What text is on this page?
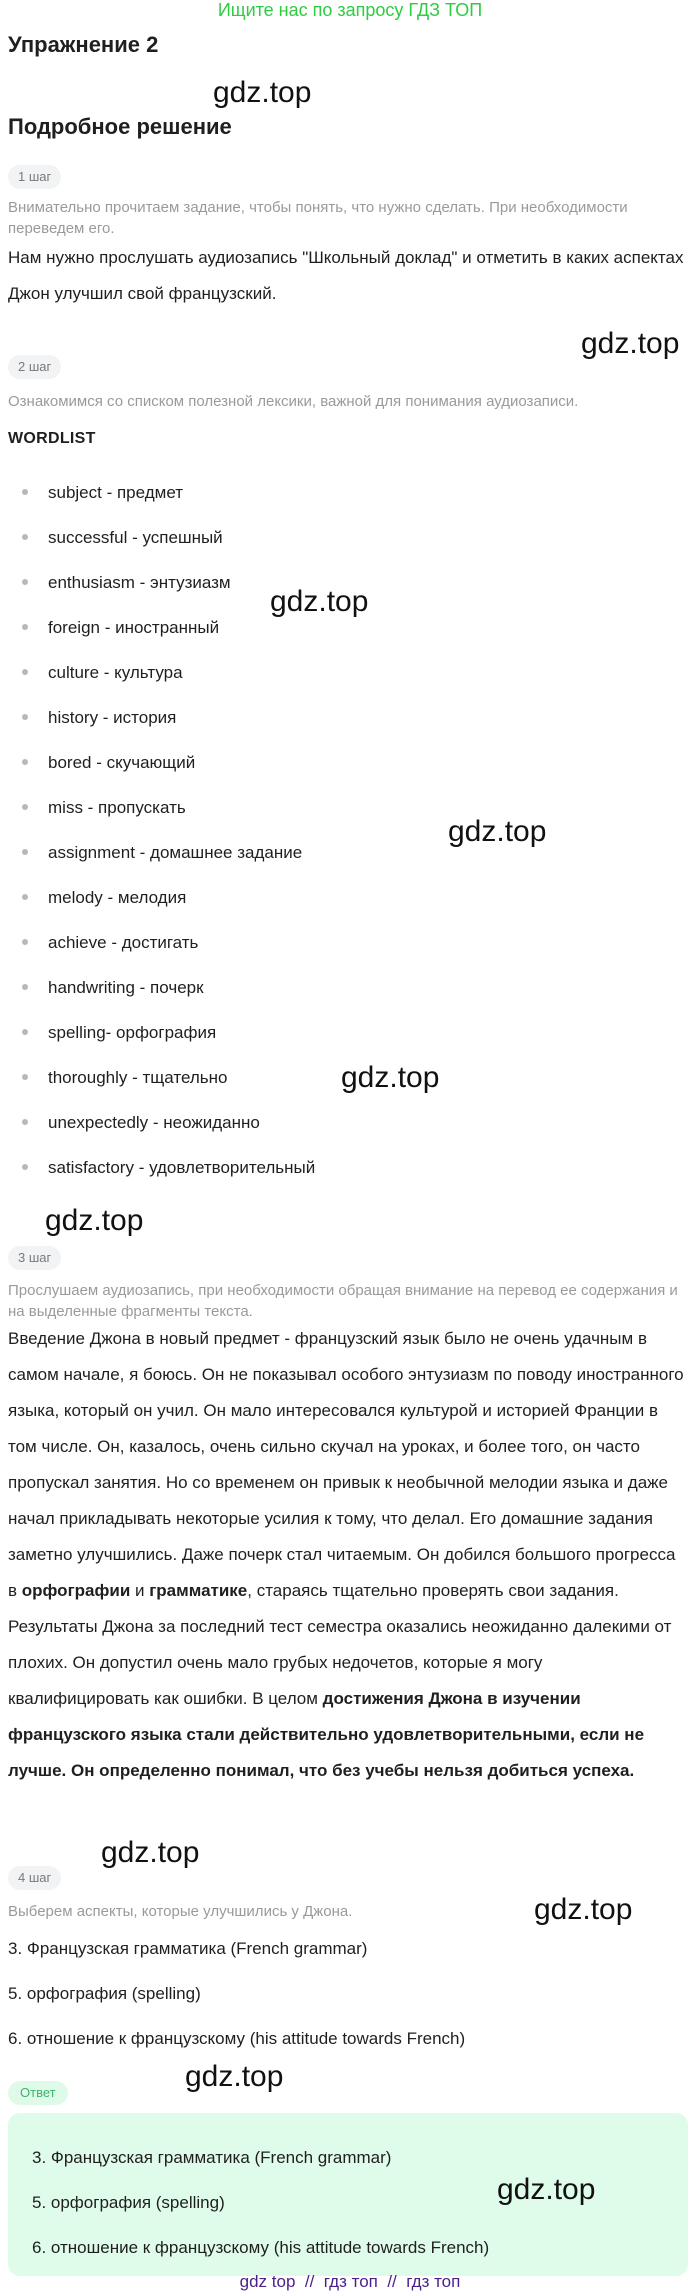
Ищите нас по запросу ГДЗ ТОП
Упражнение 2
Подробное решение
1 шаг
Внимательно прочитаем задание, чтобы понять, что нужно сделать. При необходимости переведем его.
Нам нужно прослушать аудиозапись "Школьный доклад" и отметить в каких аспектах Джон улучшил свой французский.
2 шаг
Ознакомимся со списком полезной лексики, важной для понимания аудиозаписи.
WORDLIST
subject - предмет
successful - успешный
enthusiasm - энтузиазм
foreign - иностранный
culture - культура
history - история
bored - скучающий
miss - пропускать
assignment - домашнее задание
melody - мелодия
achieve - достигать
handwriting - почерк
spelling- орфография
thoroughly - тщательно
unexpectedly - неожиданно
satisfactory - удовлетворительный
3 шаг
Прослушаем аудиозапись, при необходимости обращая внимание на перевод ее содержания и на выделенные фрагменты текста.
Введение Джона в новый предмет - французский язык было не очень удачным в самом начале, я боюсь. Он не показывал особого энтузиазм по поводу иностранного языка, который он учил. Он мало интересовался культурой и историей Франции в том числе. Он, казалось, очень сильно скучал на уроках, и более того, он часто пропускал занятия. Но со временем он привык к необычной мелодии языка и даже начал прикладывать некоторые усилия к тому, что делал. Его домашние задания заметно улучшились. Даже почерк стал читаемым. Он добился большого прогресса в орфографии и грамматике, стараясь тщательно проверять свои задания. Результаты Джона за последний тест семестра оказались неожиданно далекими от плохих. Он допустил очень мало грубых недочетов, которые я могу квалифицировать как ошибки. В целом достижения Джона в изучении французского языка стали действительно удовлетворительными, если не лучше. Он определенно понимал, что без учебы нельзя добиться успеха.
4 шаг
Выберем аспекты, которые улучшились у Джона.
3. Французская грамматика (French grammar)
5. орфография (spelling)
6. отношение к французскому (his attitude towards French)
Ответ
3. Французская грамматика (French grammar)
5. орфография (spelling)
6. отношение к французскому (his attitude towards French)
gdz.top
gdz.top
gdz.top
gdz.top
gdz.top
gdz.top
gdz.top
gdz.top
gdz.top
gdz.top
gdz top  //  гдз топ  //  гдз топ
